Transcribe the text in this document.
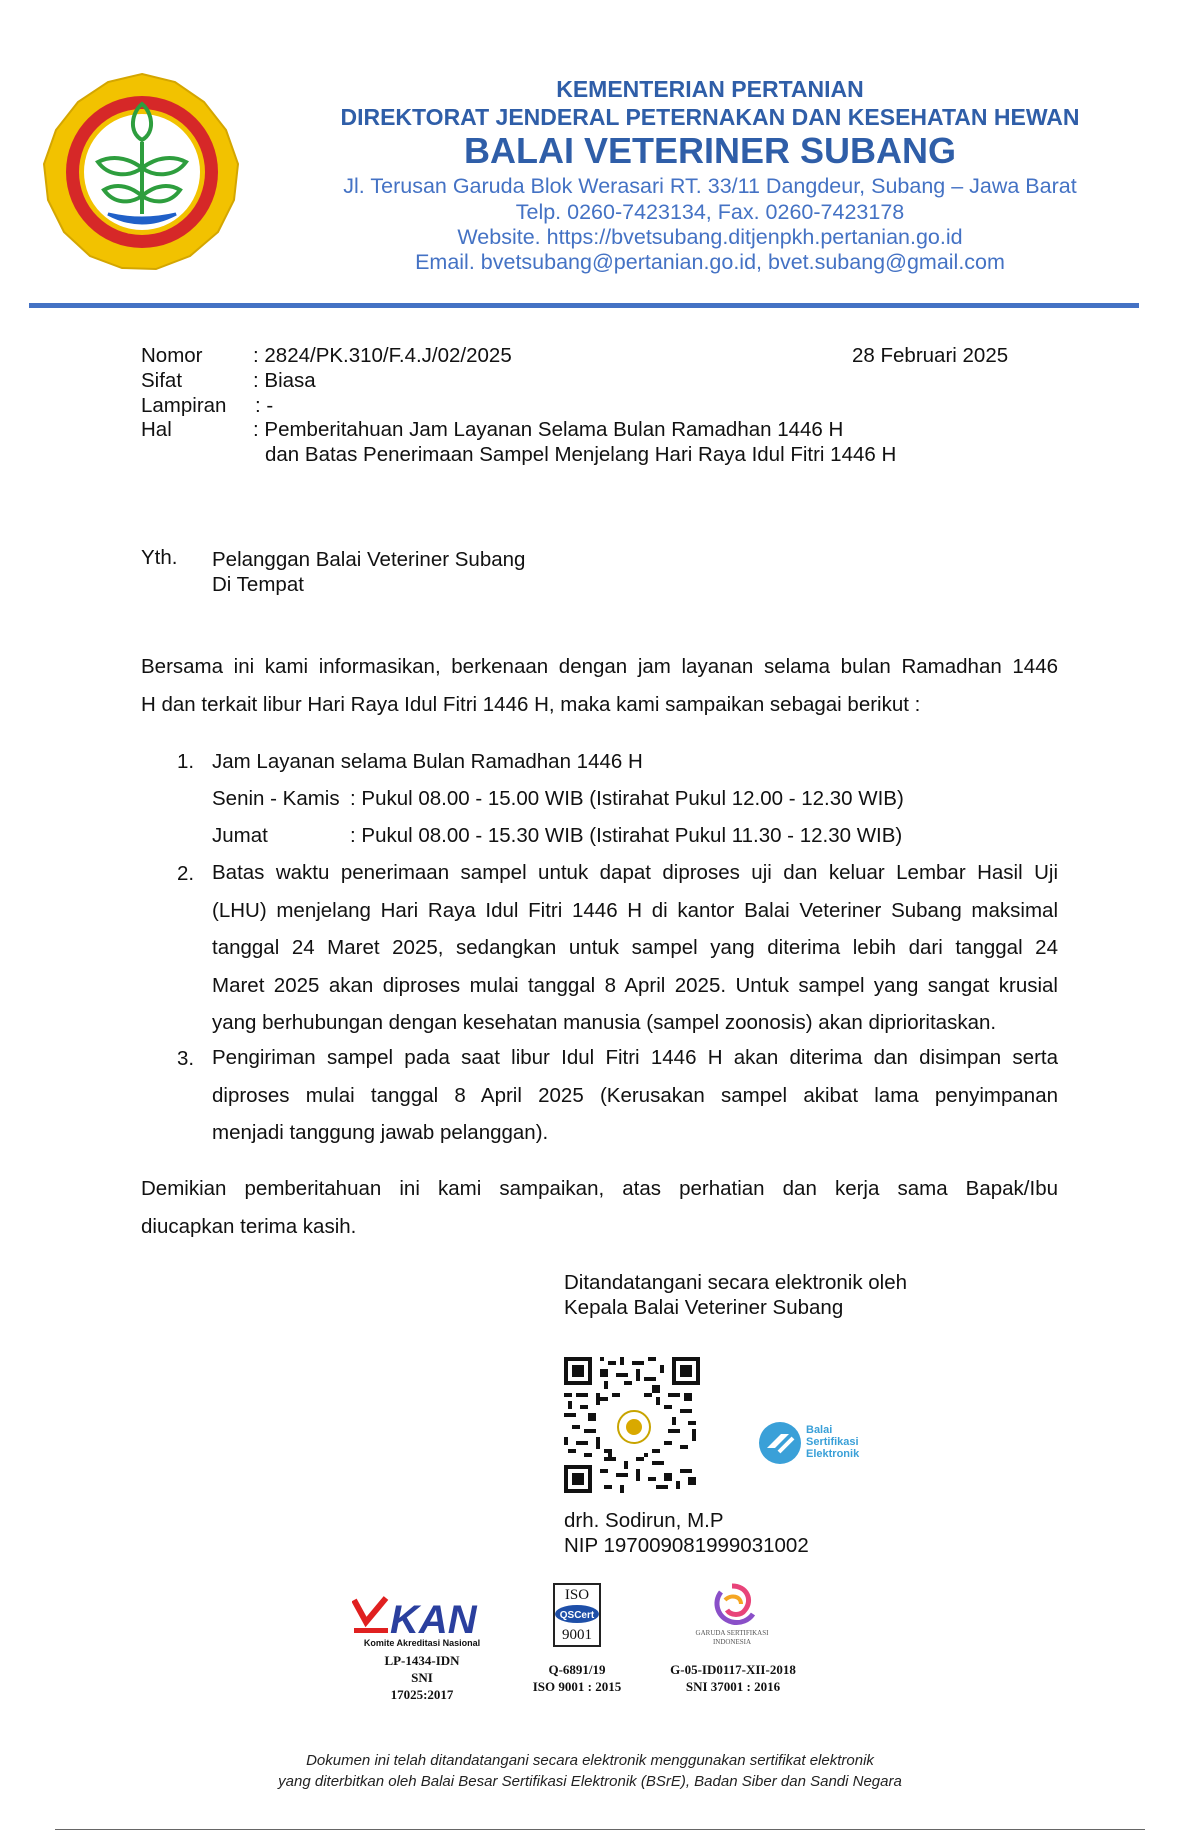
KEMENTERIAN PERTANIAN
DIREKTORAT JENDERAL PETERNAKAN DAN KESEHATAN HEWAN
BALAI VETERINER SUBANG
Jl. Terusan Garuda Blok Werasari RT. 33/11 Dangdeur, Subang – Jawa Barat
Telp. 0260-7423134, Fax. 0260-7423178
Website. https://bvetsubang.ditjenpkh.pertanian.go.id
Email. bvetsubang@pertanian.go.id, bvet.subang@gmail.com
Nomor : 2824/PK.310/F.4.J/02/2025	28 Februari 2025
Sifat	: Biasa
Lampiran : -
Hal	: Pemberitahuan Jam Layanan Selama Bulan Ramadhan 1446 H
dan Batas Penerimaan Sampel Menjelang Hari Raya Idul Fitri 1446 H
Yth. Pelanggan Balai Veteriner Subang
Di Tempat
Bersama ini kami informasikan, berkenaan dengan jam layanan selama bulan Ramadhan 1446
H dan terkait libur Hari Raya Idul Fitri 1446 H, maka kami sampaikan sebagai berikut :
1. Jam Layanan selama Bulan Ramadhan 1446 H
Senin - Kamis : Pukul 08.00 - 15.00 WIB (Istirahat Pukul 12.00 - 12.30 WIB)
Jumat	: Pukul 08.00 - 15.30 WIB (Istirahat Pukul 11.30 - 12.30 WIB)
2. Batas waktu penerimaan sampel untuk dapat diproses uji dan keluar Lembar Hasil Uji
(LHU) menjelang Hari Raya Idul Fitri 1446 H di kantor Balai Veteriner Subang maksimal
tanggal 24 Maret 2025, sedangkan untuk sampel yang diterima lebih dari tanggal 24
Maret 2025 akan diproses mulai tanggal 8 April 2025. Untuk sampel yang sangat krusial
yang berhubungan dengan kesehatan manusia (sampel zoonosis) akan diprioritaskan.
3. Pengiriman sampel pada saat libur Idul Fitri 1446 H akan diterima dan disimpan serta
diproses mulai tanggal 8 April 2025 (Kerusakan sampel akibat lama penyimpanan
menjadi tanggung jawab pelanggan).
Demikian pemberitahuan ini kami sampaikan, atas perhatian dan kerja sama Bapak/Ibu
diucapkan terima kasih.
Ditandatangani secara elektronik oleh
Kepala Balai Veteriner Subang
Balai
Sertifikasi
Elektronik
drh. Sodirun, M.P
NIP 197009081999031002
KAN
Komite Akreditasi Nasional
LP-1434-IDN
SNI
17025:2017
ISO
QSCert
9001
Q-6891/19
ISO 9001 : 2015
GARUDA SERTIFIKASI
INDONESIA
G-05-ID0117-XII-2018
SNI 37001 : 2016
Dokumen ini telah ditandatangani secara elektronik menggunakan sertifikat elektronik
yang diterbitkan oleh Balai Besar Sertifikasi Elektronik (BSrE), Badan Siber dan Sandi Negara
